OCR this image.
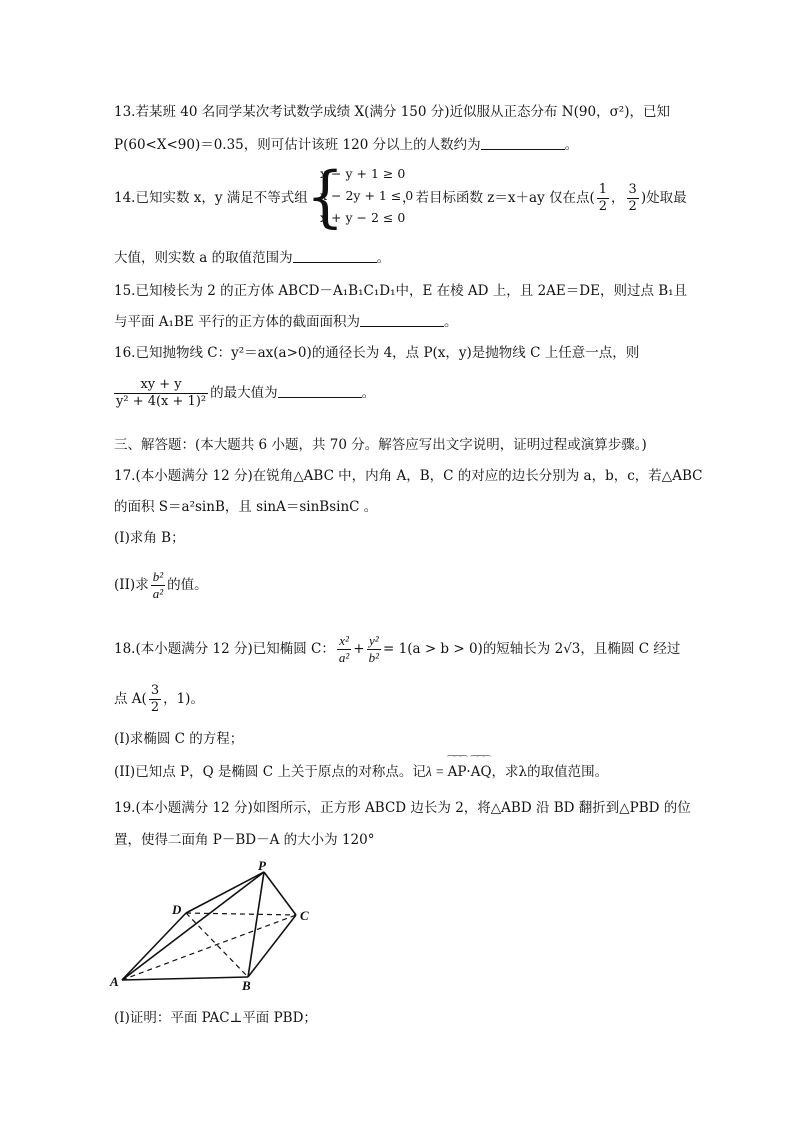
13.若某班 40 名同学某次考试数学成绩 X(满分 150 分)近似服从正态分布 N(90，σ²)，已知
P(60<X<90)＝0.35，则可估计该班 120 分以上的人数约为	。
14.已知实数 x，y 满足不等式组
{
x − y + 1 ≥ 0
x − 2y + 1 ≤ 0
x + y − 2 ≤ 0
，若目标函数 z＝x＋ay 仅在点( $\frac{1}{2}$ ， $\frac{3}{2}$ )处取最
大值，则实数 a 的取值范围为	。
15.已知棱长为 2 的正方体 ABCD－A₁B₁C₁D₁中，E 在棱 AD 上，且 2AE＝DE，则过点 B₁且
与平面 A₁BE 平行的正方体的截面面积为	。
16.已知抛物线 C：y²＝ax(a>0)的通径长为 4，点 P(x，y)是抛物线 C 上任意一点，则
$\frac{xy + y}{\text{y² + 4(x + 1)²}}$ 的最大值为	。
三、解答题：(本大题共 6 小题，共 70 分。解答应写出文字说明，证明过程或演算步骤。)
17.(本小题满分 12 分)在锐角△ABC 中，内角 A，B，C 的对应的边长分别为 a，b，c，若△ABC
的面积 S＝a²sinB，且 sinA＝sinBsinC 。
(I)求角 B；
(II)求 $\frac{\text{b²}}{\text{a²}}$ 的值。
18.(本小题满分 12 分)已知椭圆 C： $\frac{\text{x²}}{\text{a²}} + \frac{\text{y²}}{\text{b²}} = 1(a > b > 0)$的短轴长为 2√3，且椭圆 C 经过
点 $A( \frac{3}{2}$ ，1)。
(I)求椭圆 C 的方程；
(II)已知点 P，Q 是椭圆 C 上关于原点的对称点。记λ = ⁀⁀⁀ AP·⁀⁀⁀ AQ，求λ的取值范围。
19.(本小题满分 12 分)如图所示，正方形 ABCD 边长为 2，将△ABD 沿 BD 翻折到△PBD 的位
置，使得二面角 P－BD－A 的大小为 120°
P
D	C
A	B
(I)证明：平面 PAC⊥平面 PBD；
